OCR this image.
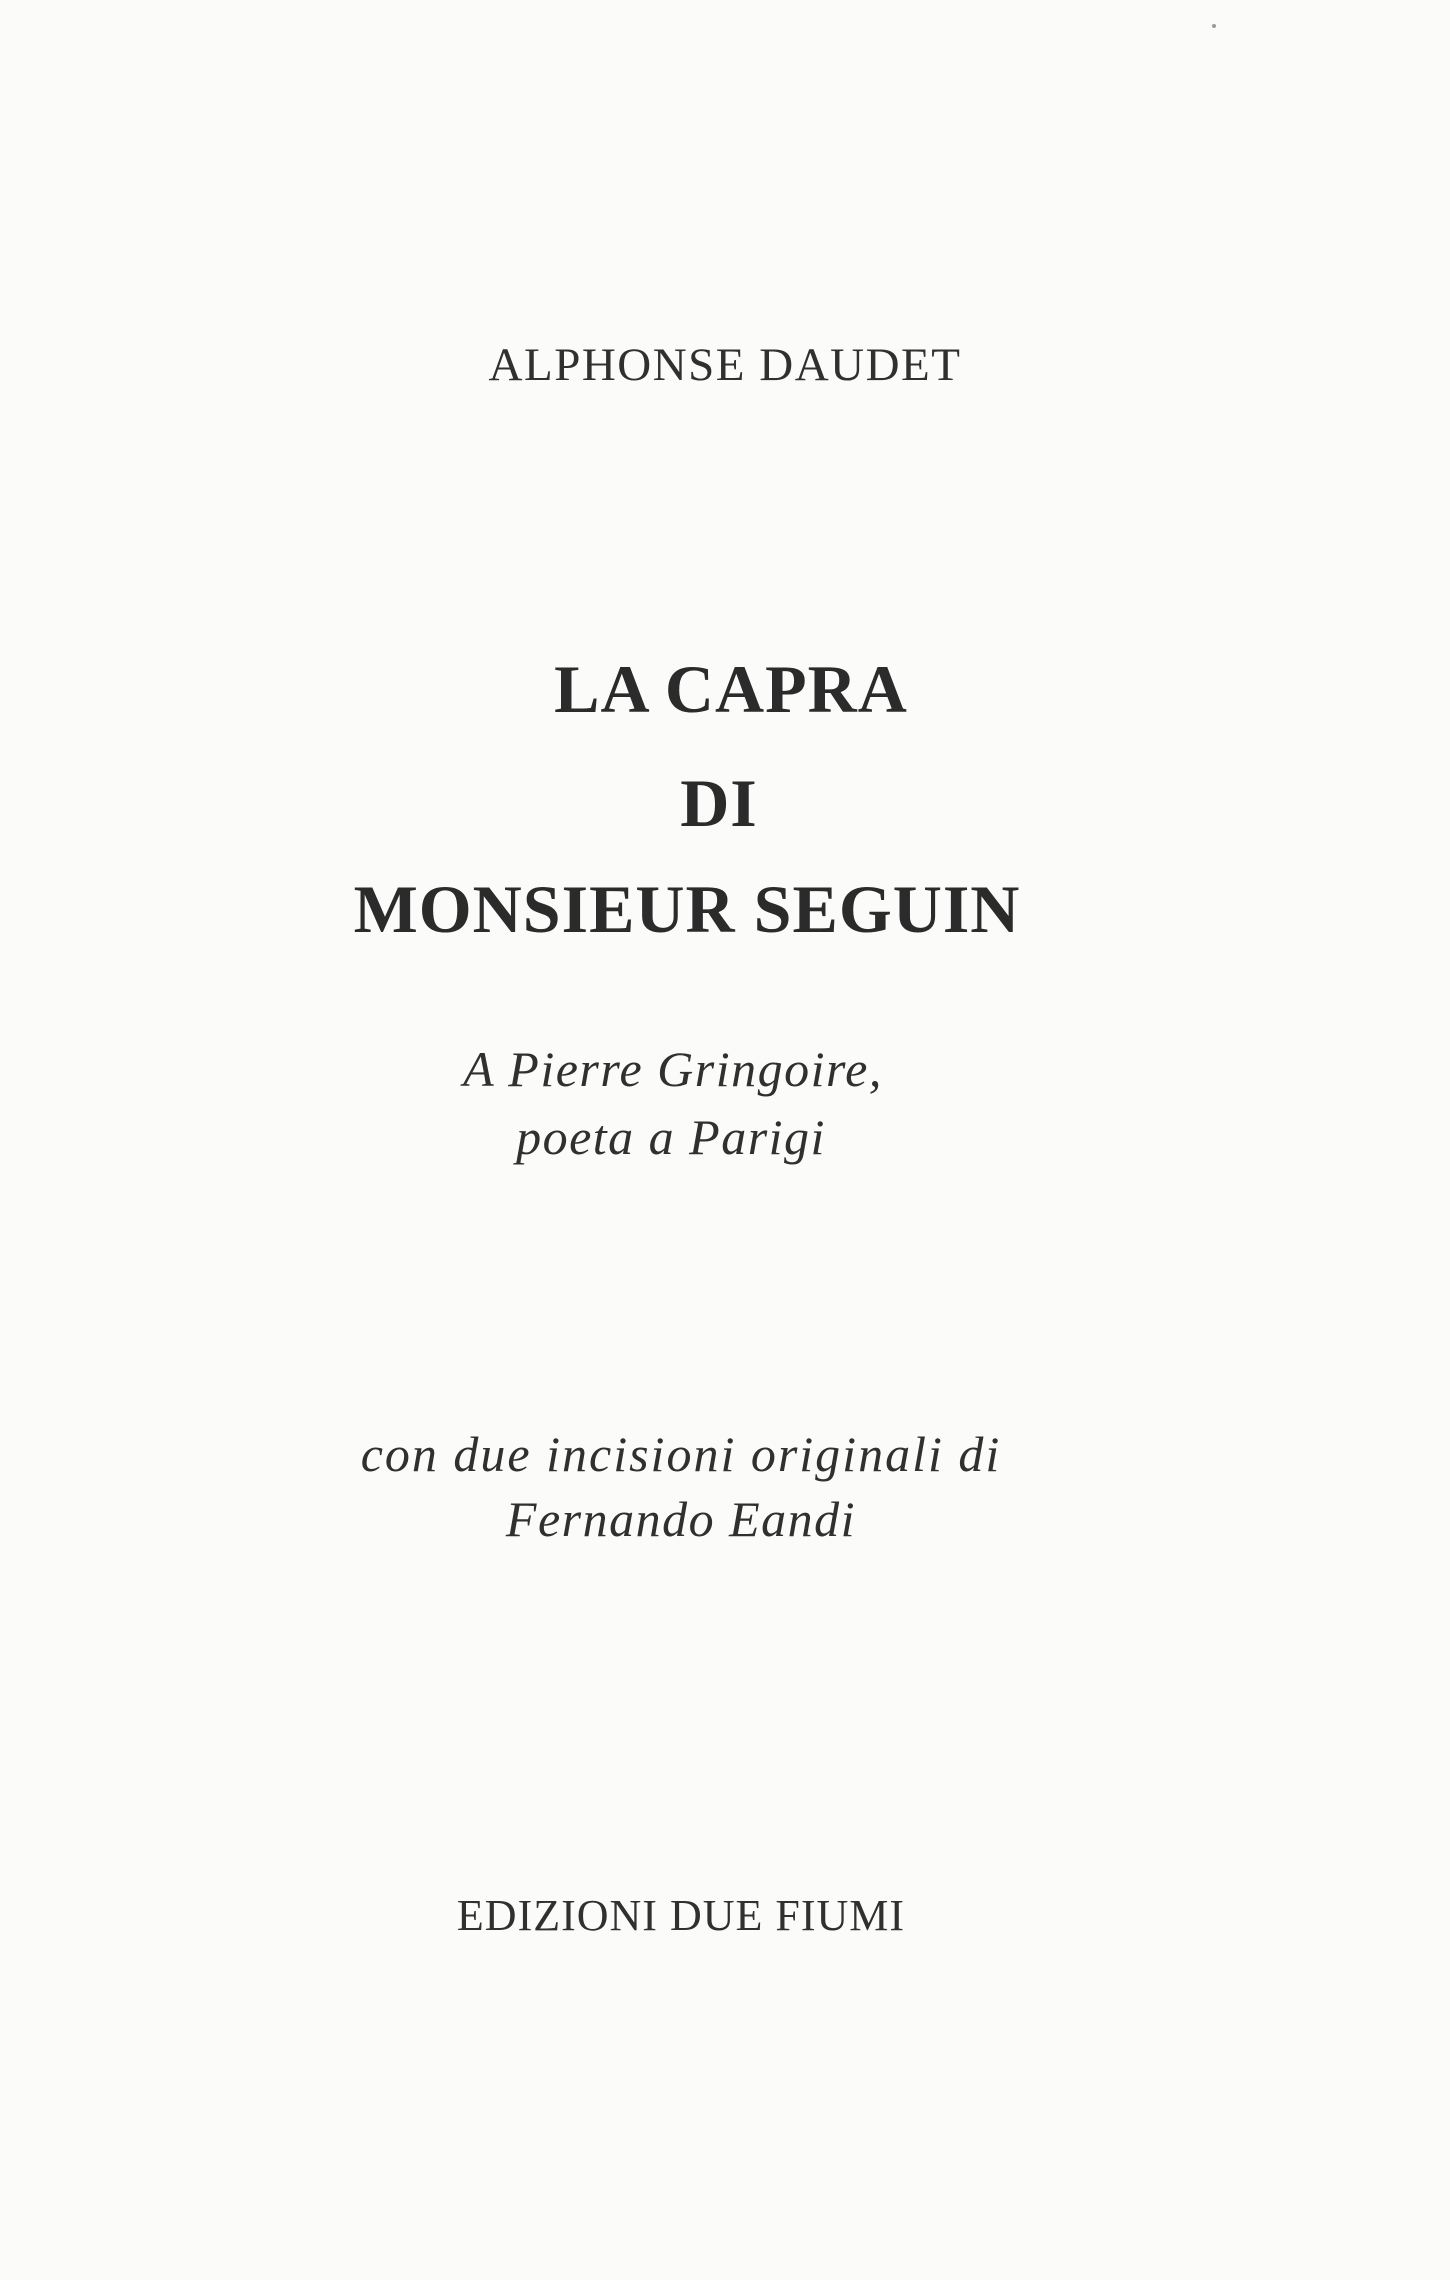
ALPHONSE DAUDET
LA CAPRA
DI
MONSIEUR SEGUIN
A Pierre Gringoire,
poeta a Parigi
con due incisioni originali di
Fernando Eandi
EDIZIONI DUE FIUMI
